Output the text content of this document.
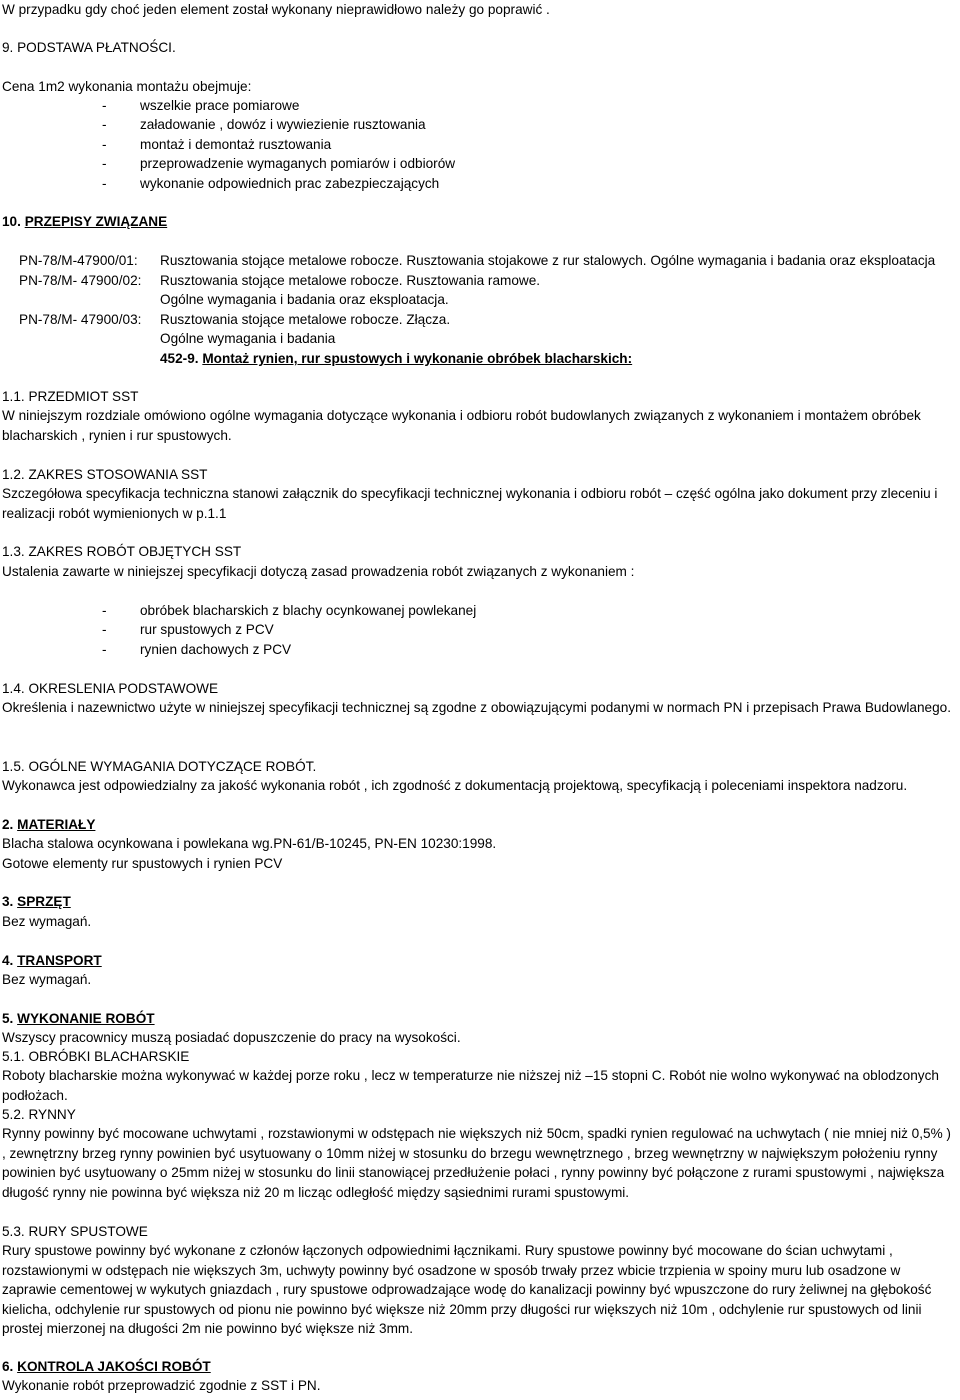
W przypadku gdy choć jeden element został wykonany nieprawidłowo należy go poprawić .
9. PODSTAWA PŁATNOŚCI.
Cena 1m2 wykonania montażu obejmuje:
- wszelkie prace pomiarowe
- załadowanie , dowóz i wywiezienie rusztowania
- montaż i demontaż rusztowania
- przeprowadzenie wymaganych pomiarów i odbiorów
- wykonanie odpowiednich prac zabezpieczających
10. PRZEPISY ZWIĄZANE
PN-78/M-47900/01: Rusztowania stojące metalowe robocze. Rusztowania stojakowe z rur stalowych. Ogólne wymagania i badania oraz eksploatacja
PN-78/M- 47900/02: Rusztowania stojące metalowe robocze. Rusztowania ramowe.
Ogólne wymagania i badania oraz eksploatacja.
PN-78/M- 47900/03: Rusztowania stojące metalowe robocze. Złącza.
Ogólne wymagania i badania
452-9. Montaż rynien, rur spustowych i wykonanie obróbek blacharskich:
1.1. PRZEDMIOT SST
W niniejszym rozdziale omówiono ogólne wymagania dotyczące wykonania i odbioru robót budowlanych związanych z wykonaniem i montażem obróbek blacharskich , rynien i rur spustowych.
1.2. ZAKRES STOSOWANIA SST
Szczegółowa specyfikacja techniczna stanowi załącznik do specyfikacji technicznej wykonania i odbioru robót – część ogólna jako dokument przy zleceniu i realizacji robót wymienionych w p.1.1
1.3. ZAKRES ROBÓT OBJĘTYCH SST
Ustalenia zawarte w niniejszej specyfikacji dotyczą zasad prowadzenia robót związanych z wykonaniem :
- obróbek blacharskich z blachy ocynkowanej powlekanej
- rur spustowych z PCV
- rynien dachowych z PCV
1.4. OKRESLENIA PODSTAWOWE
Określenia i nazewnictwo użyte w niniejszej specyfikacji technicznej są zgodne z obowiązującymi podanymi w normach PN i przepisach Prawa Budowlanego.
1.5. OGÓLNE WYMAGANIA DOTYCZĄCE ROBÓT.
Wykonawca jest odpowiedzialny za jakość wykonania robót , ich zgodność z dokumentacją projektową, specyfikacją i poleceniami inspektora nadzoru.
2. MATERIAŁY
Blacha stalowa ocynkowana i powlekana wg.PN-61/B-10245, PN-EN 10230:1998.
Gotowe elementy rur spustowych i rynien PCV
3. SPRZĘT
Bez wymagań.
4. TRANSPORT
Bez wymagań.
5. WYKONANIE ROBÓT
Wszyscy pracownicy muszą posiadać dopuszczenie do pracy na wysokości.
5.1. OBRÓBKI BLACHARSKIE
Roboty blacharskie można wykonywać w każdej porze roku , lecz w temperaturze nie niższej niż –15 stopni C. Robót nie wolno wykonywać na oblodzonych podłożach.
5.2. RYNNY
Rynny powinny być mocowane uchwytami , rozstawionymi w odstępach nie większych niż 50cm, spadki rynien regulować na uchwytach ( nie mniej niż 0,5% ) , zewnętrzny brzeg rynny powinien być usytuowany o 10mm niżej w stosunku do brzegu wewnętrznego , brzeg wewnętrzny w największym położeniu rynny powinien być usytuowany o 25mm niżej w stosunku do linii stanowiącej przedłużenie połaci , rynny powinny być połączone z rurami spustowymi , największa długość rynny nie powinna być większa niż 20 m licząc odległość między sąsiednimi rurami spustowymi.
5.3. RURY SPUSTOWE
Rury spustowe powinny być wykonane z członów łączonych odpowiednimi łącznikami. Rury spustowe powinny być mocowane do ścian uchwytami , rozstawionymi w odstępach nie większych 3m, uchwyty powinny być osadzone w sposób trwały przez wbicie trzpienia w spoiny muru lub osadzone w zaprawie cementowej w wykutych gniazdach , rury spustowe odprowadzające wodę do kanalizacji powinny być wpuszczone do rury żeliwnej na głębokość kielicha, odchylenie rur spustowych od pionu nie powinno być większe niż 20mm przy długości rur większych niż 10m , odchylenie rur spustowych od linii prostej mierzonej na długości 2m nie powinno być większe niż 3mm.
6. KONTROLA JAKOŚCI ROBÓT
Wykonanie robót przeprowadzić zgodnie z SST i PN.
